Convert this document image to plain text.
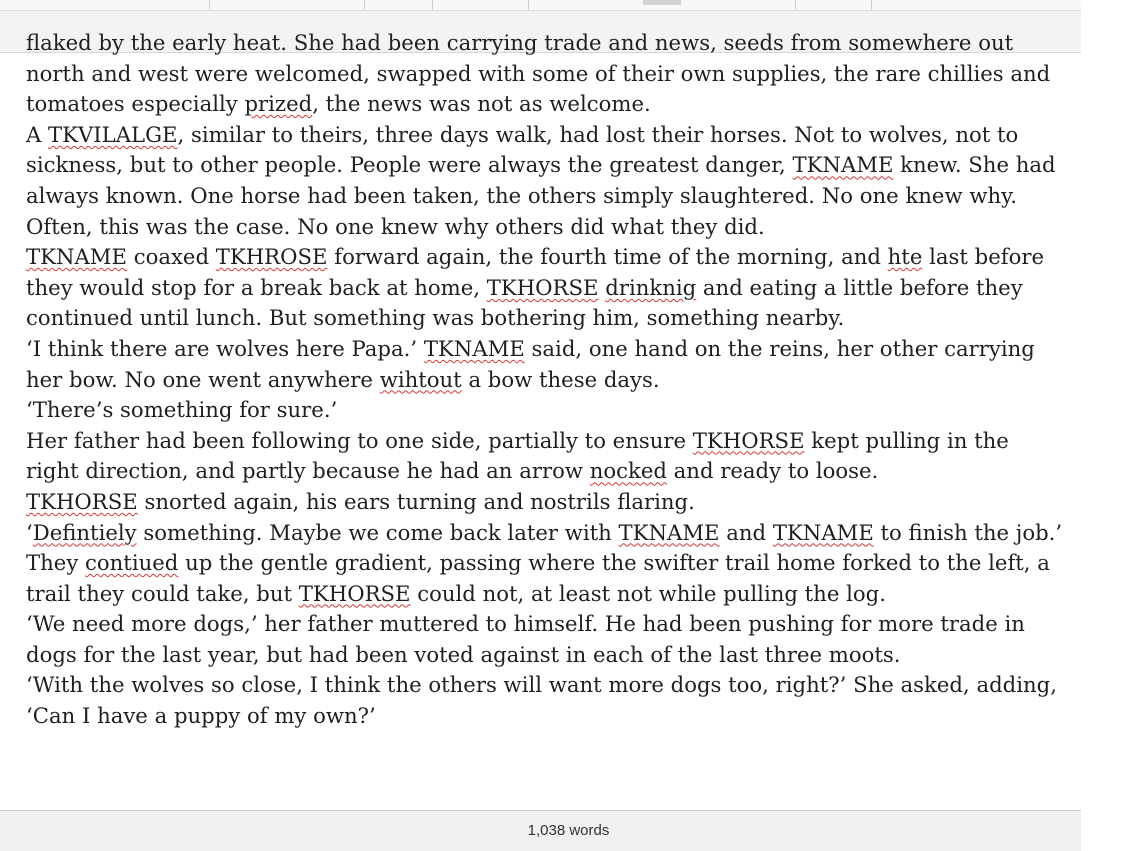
flaked by the early heat. She had been carrying trade and news, seeds from somewhere out north and west were welcomed, swapped with some of their own supplies, the rare chillies and tomatoes especially prized, the news was not as welcome.

A TKVILALGE, similar to theirs, three days walk, had lost their horses. Not to wolves, not to sickness, but to other people. People were always the greatest danger, TKNAME knew. She had always known. One horse had been taken, the others simply slaughtered. No one knew why.

Often, this was the case. No one knew why others did what they did.

TKNAME coaxed TKHROSE forward again, the fourth time of the morning, and hte last before they would stop for a break back at home, TKHORSE drinknig and eating a little before they continued until lunch. But something was bothering him, something nearby.

‘I think there are wolves here Papa.’ TKNAME said, one hand on the reins, her other carrying her bow. No one went anywhere wihtout a bow these days.

‘There’s something for sure.’

Her father had been following to one side, partially to ensure TKHORSE kept pulling in the right direction, and partly because he had an arrow nocked and ready to loose.

TKHORSE snorted again, his ears turning and nostrils flaring.

‘Defintiely something. Maybe we come back later with TKNAME and TKNAME to finish the job.’

They contiued up the gentle gradient, passing where the swifter trail home forked to the left, a trail they could take, but TKHORSE could not, at least not while pulling the log.

‘We need more dogs,’ her father muttered to himself. He had been pushing for more trade in dogs for the last year, but had been voted against in each of the last three moots.

‘With the wolves so close, I think the others will want more dogs too, right?’ She asked, adding, ‘Can I have a puppy of my own?’

1,038 words
